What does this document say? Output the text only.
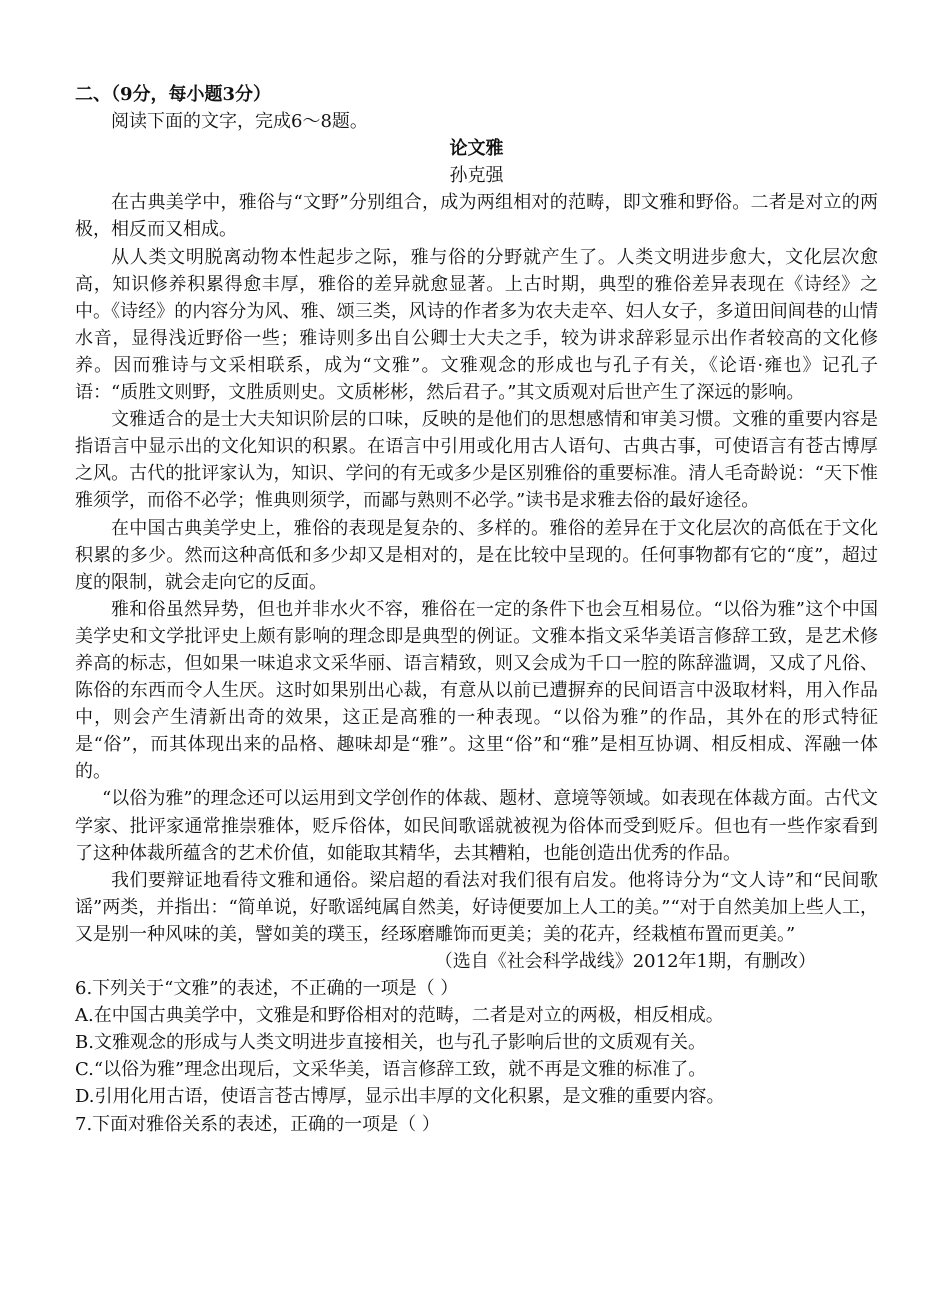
二、（9分，每小题3分）

阅读下面的文字，完成6～8题。

论文雅

孙克强

在古典美学中，雅俗与“文野”分别组合，成为两组相对的范畴，即文雅和野俗。二者是对立的两极，相反而又相成。

从人类文明脱离动物本性起步之际，雅与俗的分野就产生了。人类文明进步愈大，文化层次愈高，知识修养积累得愈丰厚，雅俗的差异就愈显著。上古时期，典型的雅俗差异表现在《诗经》之中。《诗经》的内容分为风、雅、颂三类，风诗的作者多为农夫走卒、妇人女子，多道田间闾巷的山情水音，显得浅近野俗一些；雅诗则多出自公卿士大夫之手，较为讲求辞彩显示出作者较高的文化修养。因而雅诗与文采相联系，成为“文雅”。文雅观念的形成也与孔子有关，《论语·雍也》记孔子语：“质胜文则野，文胜质则史。文质彬彬，然后君子。”其文质观对后世产生了深远的影响。

文雅适合的是士大夫知识阶层的口味，反映的是他们的思想感情和审美习惯。文雅的重要内容是指语言中显示出的文化知识的积累。在语言中引用或化用古人语句、古典古事，可使语言有苍古博厚之风。古代的批评家认为，知识、学问的有无或多少是区别雅俗的重要标准。清人毛奇龄说：“天下惟雅须学，而俗不必学；惟典则须学，而鄙与熟则不必学。”读书是求雅去俗的最好途径。

在中国古典美学史上，雅俗的表现是复杂的、多样的。雅俗的差异在于文化层次的高低在于文化积累的多少。然而这种高低和多少却又是相对的，是在比较中呈现的。任何事物都有它的“度”，超过度的限制，就会走向它的反面。

雅和俗虽然异势，但也并非水火不容，雅俗在一定的条件下也会互相易位。“以俗为雅”这个中国美学史和文学批评史上颇有影响的理念即是典型的例证。文雅本指文采华美语言修辞工致，是艺术修养高的标志，但如果一味追求文采华丽、语言精致，则又会成为千口一腔的陈辞滥调，又成了凡俗、陈俗的东西而令人生厌。这时如果别出心裁，有意从以前已遭摒弃的民间语言中汲取材料，用入作品中，则会产生清新出奇的效果，这正是高雅的一种表现。“以俗为雅”的作品，其外在的形式特征是“俗”，而其体现出来的品格、趣味却是“雅”。这里“俗”和“雅”是相互协调、相反相成、浑融一体的。

“以俗为雅”的理念还可以运用到文学创作的体裁、题材、意境等领域。如表现在体裁方面。古代文学家、批评家通常推崇雅体，贬斥俗体，如民间歌谣就被视为俗体而受到贬斥。但也有一些作家看到了这种体裁所蕴含的艺术价值，如能取其精华，去其糟粕，也能创造出优秀的作品。

我们要辩证地看待文雅和通俗。梁启超的看法对我们很有启发。他将诗分为“文人诗”和“民间歌谣”两类，并指出：“简单说，好歌谣纯属自然美，好诗便要加上人工的美。”“对于自然美加上些人工，又是别一种风味的美，譬如美的璞玉，经琢磨雕饰而更美；美的花卉，经栽植布置而更美。”

（选自《社会科学战线》2012年1期，有删改）

6.下列关于“文雅”的表述，不正确的一项是（ ）

A.在中国古典美学中，文雅是和野俗相对的范畴，二者是对立的两极，相反相成。

B.文雅观念的形成与人类文明进步直接相关，也与孔子影响后世的文质观有关。

C.“以俗为雅”理念出现后，文采华美，语言修辞工致，就不再是文雅的标准了。

D.引用化用古语，使语言苍古博厚，显示出丰厚的文化积累，是文雅的重要内容。

7.下面对雅俗关系的表述，正确的一项是（ ）
